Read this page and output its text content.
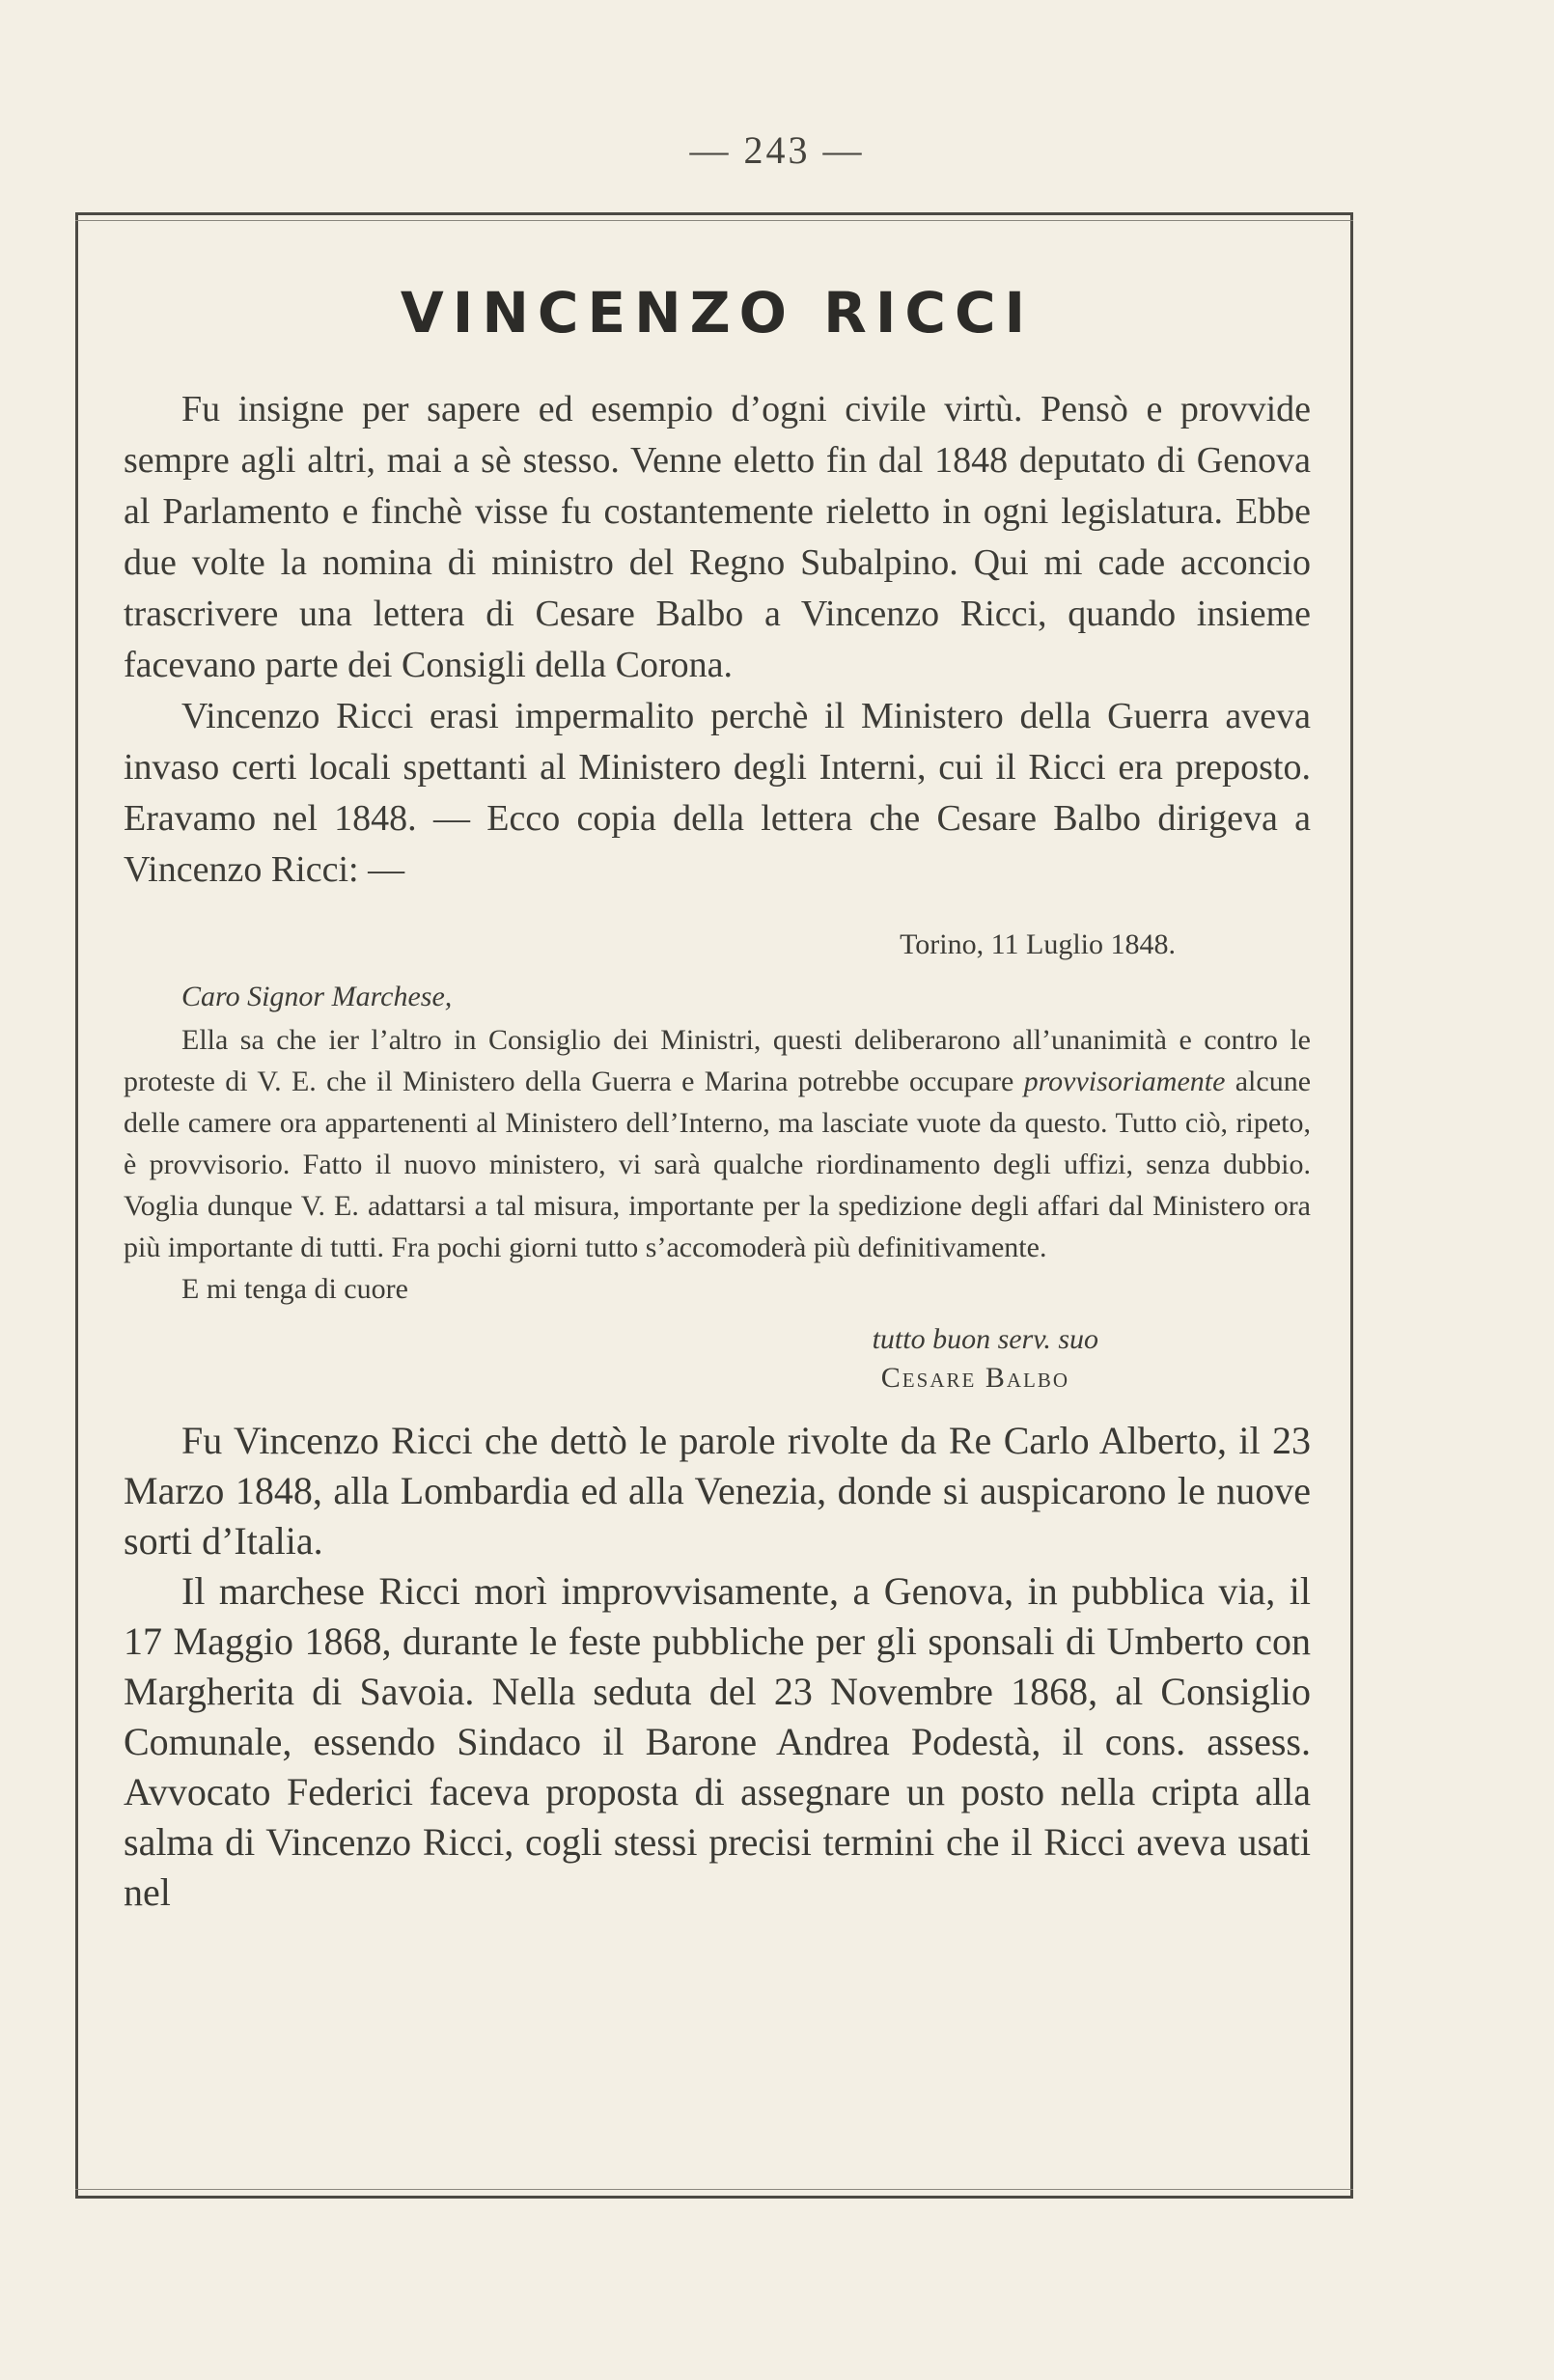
— 243 —
VINCENZO RICCI

Fu insigne per sapere ed esempio d’ogni civile virtù. Pensò e provvide sempre agli altri, mai a sè stesso. Venne eletto fin dal 1848 deputato di Genova al Parlamento e finchè visse fu costantemente rieletto in ogni legislatura. Ebbe due volte la nomina di ministro del Regno Subalpino. Qui mi cade acconcio trascrivere una lettera di Cesare Balbo a Vincenzo Ricci, quando insieme facevano parte dei Consigli della Corona.

Vincenzo Ricci erasi impermalito perchè il Ministero della Guerra aveva invaso certi locali spettanti al Ministero degli Interni, cui il Ricci era preposto. Eravamo nel 1848. — Ecco copia della lettera che Cesare Balbo dirigeva a Vincenzo Ricci: —

Torino, 11 Luglio 1848.
Caro Signor Marchese,

Ella sa che ier l’altro in Consiglio dei Ministri, questi deliberarono all’unanimità e contro le proteste di V. E. che il Ministero della Guerra e Marina potrebbe occupare provvisoriamente alcune delle camere ora appartenenti al Ministero dell’Interno, ma lasciate vuote da questo. Tutto ciò, ripeto, è provvisorio. Fatto il nuovo ministero, vi sarà qualche riordinamento degli uffizi, senza dubbio. Voglia dunque V. E. adattarsi a tal misura, importante per la spedizione degli affari dal Ministero ora più importante di tutti. Fra pochi giorni tutto s’accomoderà più definitivamente.

E mi tenga di cuore
tutto buon serv. suo
Cesare Balbo

Fu Vincenzo Ricci che dettò le parole rivolte da Re Carlo Alberto, il 23 Marzo 1848, alla Lombardia ed alla Venezia, donde si auspicarono le nuove sorti d’Italia.

Il marchese Ricci morì improvvisamente, a Genova, in pubblica via, il 17 Maggio 1868, durante le feste pubbliche per gli sponsali di Umberto con Margherita di Savoia. Nella seduta del 23 Novembre 1868, al Consiglio Comunale, essendo Sindaco il Barone Andrea Podestà, il cons. assess. Avvocato Federici faceva proposta di assegnare un posto nella cripta alla salma di Vincenzo Ricci, cogli stessi precisi termini che il Ricci aveva usati nel
